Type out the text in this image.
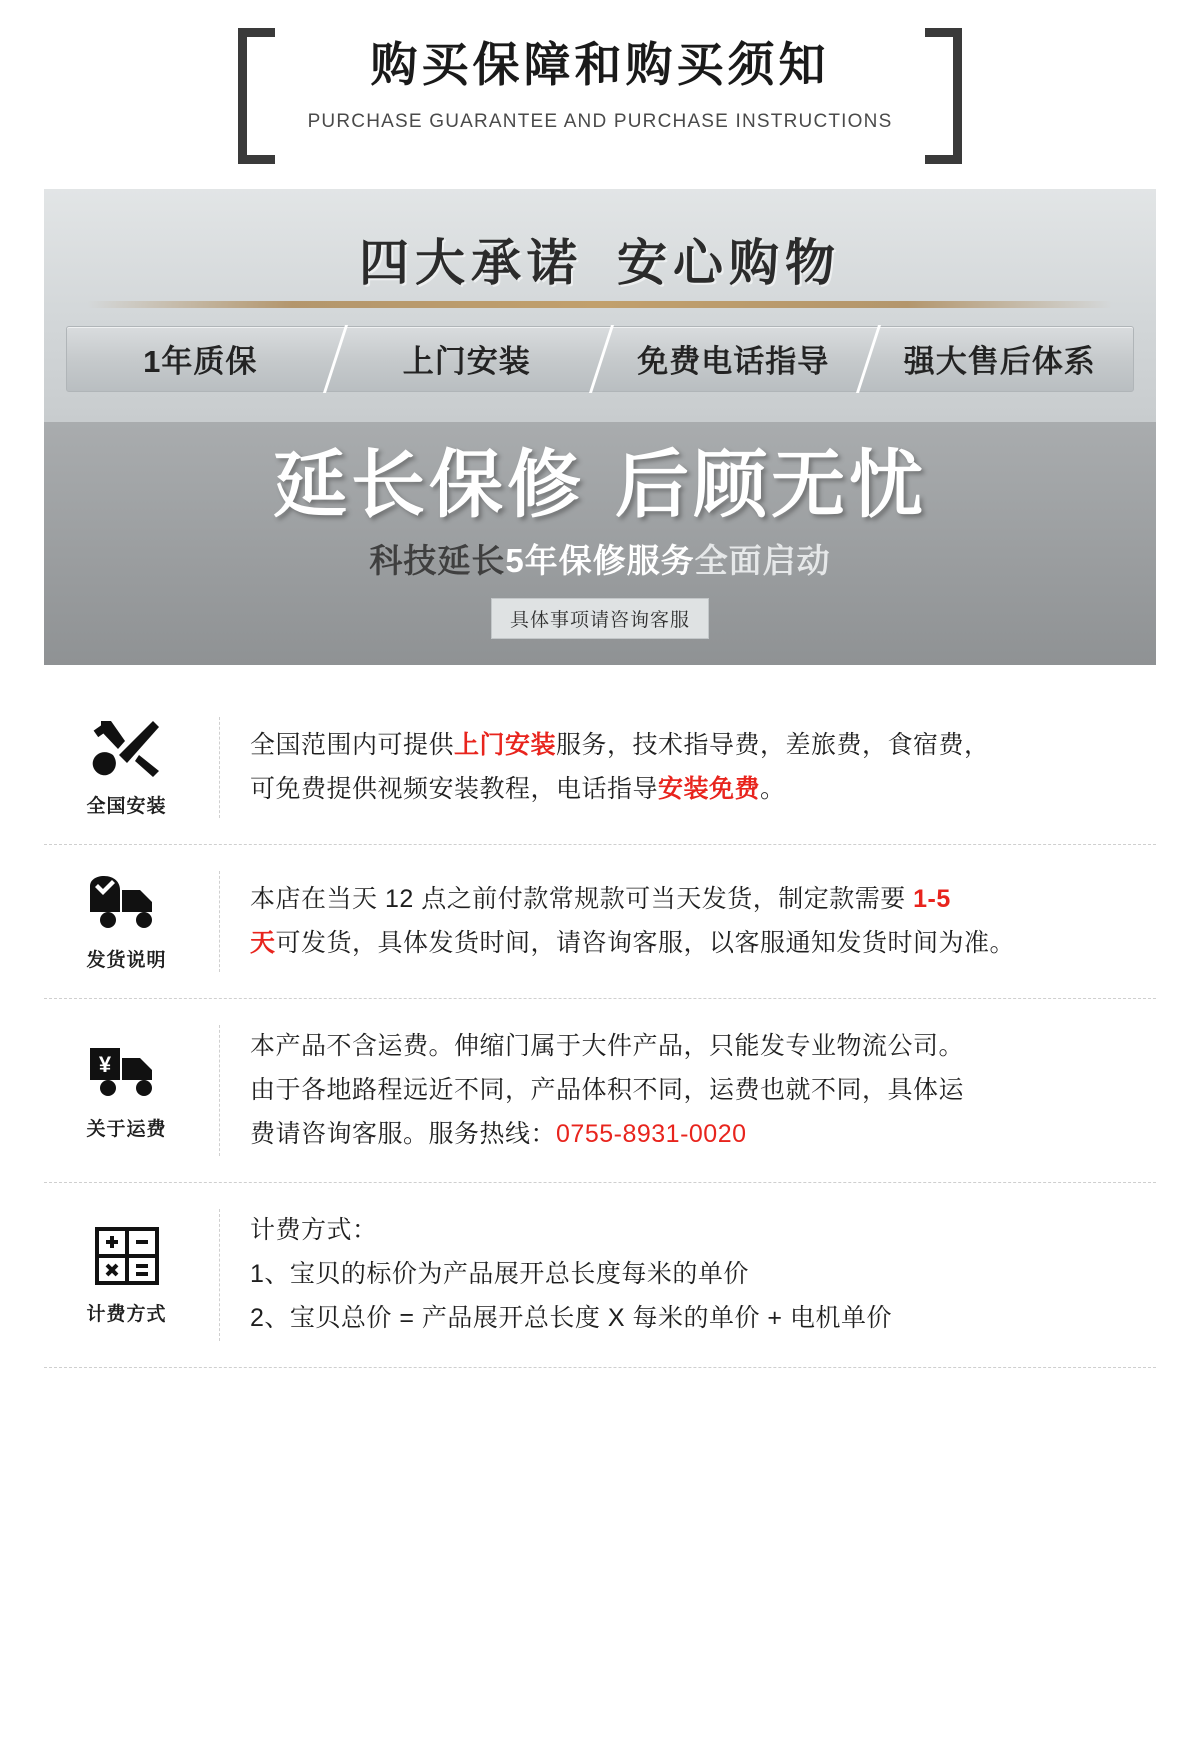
购买保障和购买须知
PURCHASE GUARANTEE AND PURCHASE INSTRUCTIONS
四大承诺 安心购物
1年质保	上门安装	免费电话指导	强大售后体系
延长保修 后顾无忧
科技延长5年保修服务全面启动
具体事项请咨询客服
全国安装

全国范围内可提供上门安装服务，技术指导费，差旅费，食宿费，

可免费提供视频安装教程，电话指导安装免费。

发货说明

本店在当天 12 点之前付款常规款可当天发货，制定款需要 1-5

天可发货，具体发货时间，请咨询客服，以客服通知发货时间为准。

¥
关于运费

本产品不含运费。伸缩门属于大件产品，只能发专业物流公司。

由于各地路程远近不同，产品体积不同，运费也就不同，具体运

费请咨询客服。服务热线：0755-8931-0020

计费方式

计费方式：

1、宝贝的标价为产品展开总长度每米的单价

2、宝贝总价 = 产品展开总长度 X 每米的单价 + 电机单价
